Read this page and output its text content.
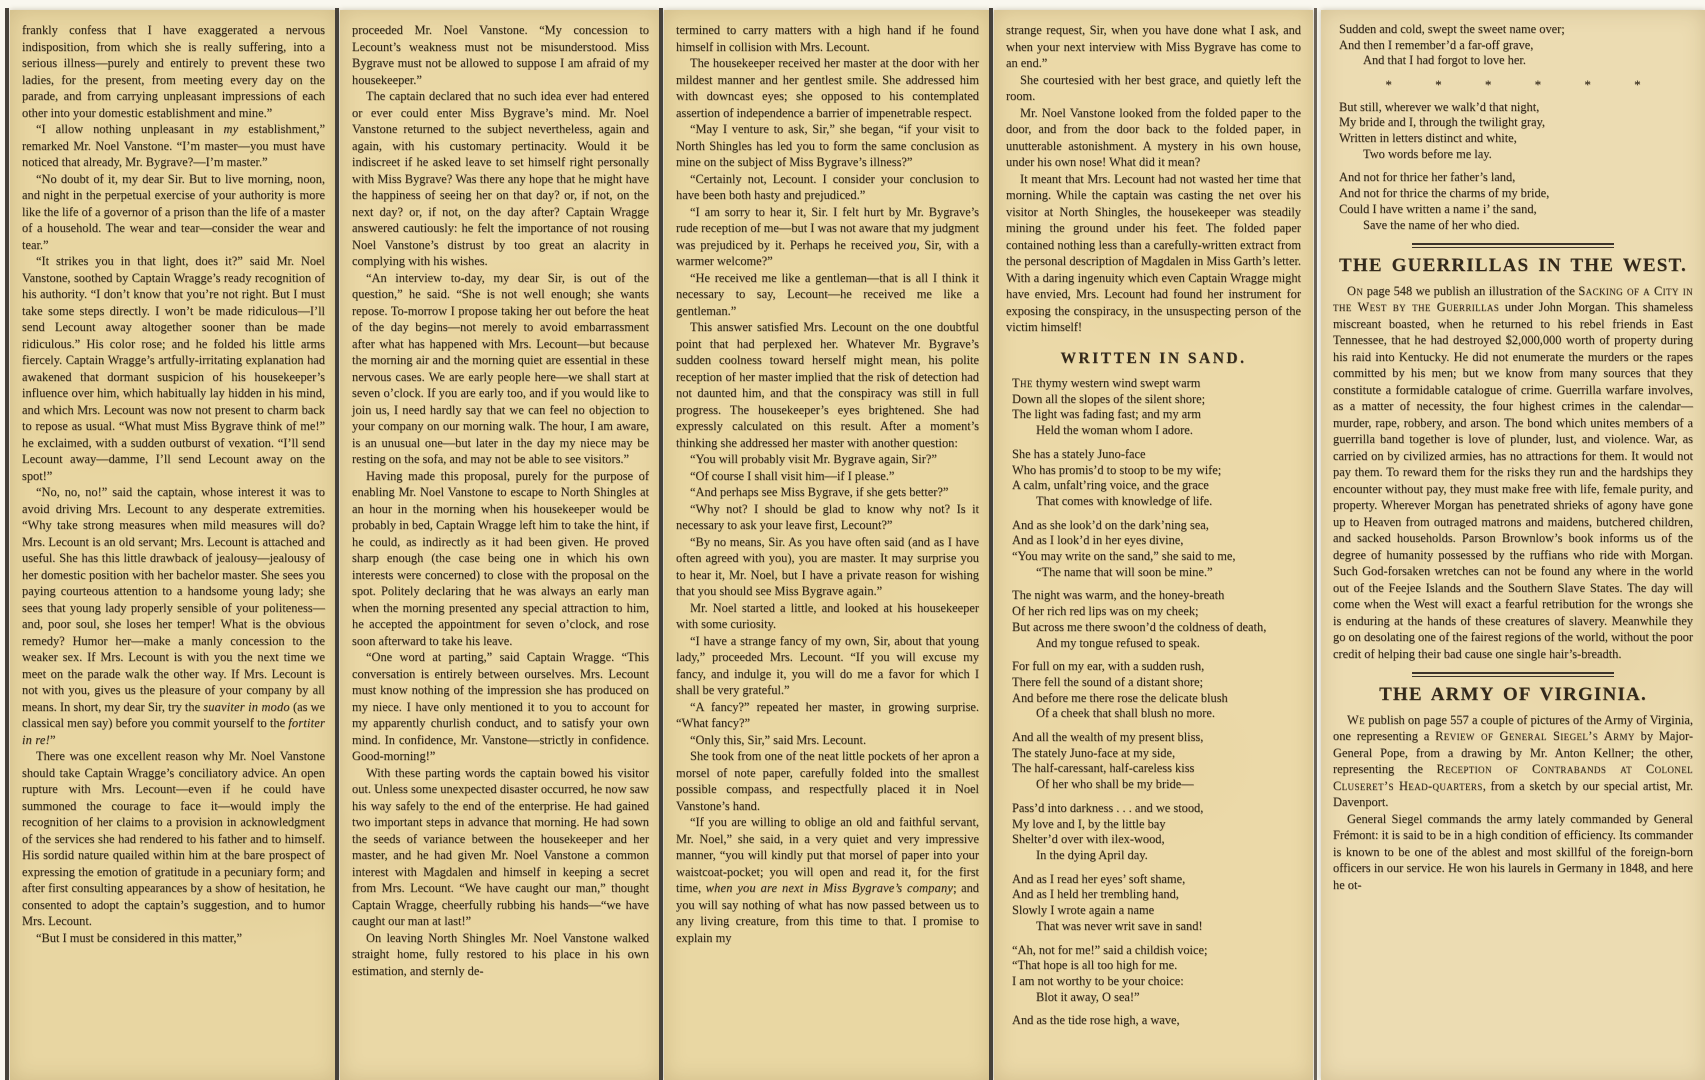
frankly confess that I have exaggerated a nervous indisposition, from which she is really suffering, into a serious illness—purely and entirely to prevent these two ladies, for the present, from meeting every day on the parade, and from carrying unpleasant impressions of each other into your domestic establishment and mine.”

“I allow nothing unpleasant in my establishment,” remarked Mr. Noel Vanstone. “I’m master—you must have noticed that already, Mr. Bygrave?—I’m master.”

“No doubt of it, my dear Sir. But to live morning, noon, and night in the perpetual exercise of your authority is more like the life of a governor of a prison than the life of a master of a household. The wear and tear—consider the wear and tear.”

“It strikes you in that light, does it?” said Mr. Noel Vanstone, soothed by Captain Wragge’s ready recognition of his authority. “I don’t know that you’re not right. But I must take some steps directly. I won’t be made ridiculous—I’ll send Lecount away altogether sooner than be made ridiculous.” His color rose; and he folded his little arms fiercely. Captain Wragge’s artfully-irritating explanation had awakened that dormant suspicion of his housekeeper’s influence over him, which habitually lay hidden in his mind, and which Mrs. Lecount was now not present to charm back to repose as usual. “What must Miss Bygrave think of me!” he exclaimed, with a sudden outburst of vexation. “I’ll send Lecount away—damme, I’ll send Lecount away on the spot!”

“No, no, no!” said the captain, whose interest it was to avoid driving Mrs. Lecount to any desperate extremities. “Why take strong measures when mild measures will do? Mrs. Lecount is an old servant; Mrs. Lecount is attached and useful. She has this little drawback of jealousy—jealousy of her domestic position with her bachelor master. She sees you paying courteous attention to a handsome young lady; she sees that young lady properly sensible of your politeness—and, poor soul, she loses her temper! What is the obvious remedy? Humor her—make a manly concession to the weaker sex. If Mrs. Lecount is with you the next time we meet on the parade walk the other way. If Mrs. Lecount is not with you, gives us the pleasure of your company by all means. In short, my dear Sir, try the suaviter in modo (as we classical men say) before you commit yourself to the fortiter in re!”

There was one excellent reason why Mr. Noel Vanstone should take Captain Wragge’s conciliatory advice. An open rupture with Mrs. Lecount—even if he could have summoned the courage to face it—would imply the recognition of her claims to a provision in acknowledgment of the services she had rendered to his father and to himself. His sordid nature quailed within him at the bare prospect of expressing the emotion of gratitude in a pecuniary form; and after first consulting appearances by a show of hesitation, he consented to adopt the captain’s suggestion, and to humor Mrs. Lecount.

“But I must be considered in this matter,”

proceeded Mr. Noel Vanstone. “My concession to Lecount’s weakness must not be misunderstood. Miss Bygrave must not be allowed to suppose I am afraid of my housekeeper.”

The captain declared that no such idea ever had entered or ever could enter Miss Bygrave’s mind. Mr. Noel Vanstone returned to the subject nevertheless, again and again, with his customary pertinacity. Would it be indiscreet if he asked leave to set himself right personally with Miss Bygrave? Was there any hope that he might have the happiness of seeing her on that day? or, if not, on the next day? or, if not, on the day after? Captain Wragge answered cautiously: he felt the importance of not rousing Noel Vanstone’s distrust by too great an alacrity in complying with his wishes.

“An interview to-day, my dear Sir, is out of the question,” he said. “She is not well enough; she wants repose. To-morrow I propose taking her out before the heat of the day begins—not merely to avoid embarrassment after what has happened with Mrs. Lecount—but because the morning air and the morning quiet are essential in these nervous cases. We are early people here—we shall start at seven o’clock. If you are early too, and if you would like to join us, I need hardly say that we can feel no objection to your company on our morning walk. The hour, I am aware, is an unusual one—but later in the day my niece may be resting on the sofa, and may not be able to see visitors.”

Having made this proposal, purely for the purpose of enabling Mr. Noel Vanstone to escape to North Shingles at an hour in the morning when his housekeeper would be probably in bed, Captain Wragge left him to take the hint, if he could, as indirectly as it had been given. He proved sharp enough (the case being one in which his own interests were concerned) to close with the proposal on the spot. Politely declaring that he was always an early man when the morning presented any special attraction to him, he accepted the appointment for seven o’clock, and rose soon afterward to take his leave.

“One word at parting,” said Captain Wragge. “This conversation is entirely between ourselves. Mrs. Lecount must know nothing of the impression she has produced on my niece. I have only mentioned it to you to account for my apparently churlish conduct, and to satisfy your own mind. In confidence, Mr. Vanstone—strictly in confidence. Good-morning!”

With these parting words the captain bowed his visitor out. Unless some unexpected disaster occurred, he now saw his way safely to the end of the enterprise. He had gained two important steps in advance that morning. He had sown the seeds of variance between the housekeeper and her master, and he had given Mr. Noel Vanstone a common interest with Magdalen and himself in keeping a secret from Mrs. Lecount. “We have caught our man,” thought Captain Wragge, cheerfully rubbing his hands—“we have caught our man at last!”

On leaving North Shingles Mr. Noel Vanstone walked straight home, fully restored to his place in his own estimation, and sternly de-

termined to carry matters with a high hand if he found himself in collision with Mrs. Lecount.

The housekeeper received her master at the door with her mildest manner and her gentlest smile. She addressed him with downcast eyes; she opposed to his contemplated assertion of independence a barrier of impenetrable respect.

“May I venture to ask, Sir,” she began, “if your visit to North Shingles has led you to form the same conclusion as mine on the subject of Miss Bygrave’s illness?”

“Certainly not, Lecount. I consider your conclusion to have been both hasty and prejudiced.”

“I am sorry to hear it, Sir. I felt hurt by Mr. Bygrave’s rude reception of me—but I was not aware that my judgment was prejudiced by it. Perhaps he received you, Sir, with a warmer welcome?”

“He received me like a gentleman—that is all I think it necessary to say, Lecount—he received me like a gentleman.”

This answer satisfied Mrs. Lecount on the one doubtful point that had perplexed her. Whatever Mr. Bygrave’s sudden coolness toward herself might mean, his polite reception of her master implied that the risk of detection had not daunted him, and that the conspiracy was still in full progress. The housekeeper’s eyes brightened. She had expressly calculated on this result. After a moment’s thinking she addressed her master with another question:

“You will probably visit Mr. Bygrave again, Sir?”

“Of course I shall visit him—if I please.”

“And perhaps see Miss Bygrave, if she gets better?”

“Why not? I should be glad to know why not? Is it necessary to ask your leave first, Lecount?”

“By no means, Sir. As you have often said (and as I have often agreed with you), you are master. It may surprise you to hear it, Mr. Noel, but I have a private reason for wishing that you should see Miss Bygrave again.”

Mr. Noel started a little, and looked at his housekeeper with some curiosity.

“I have a strange fancy of my own, Sir, about that young lady,” proceeded Mrs. Lecount. “If you will excuse my fancy, and indulge it, you will do me a favor for which I shall be very grateful.”

“A fancy?” repeated her master, in growing surprise. “What fancy?”

“Only this, Sir,” said Mrs. Lecount.

She took from one of the neat little pockets of her apron a morsel of note paper, carefully folded into the smallest possible compass, and respectfully placed it in Noel Vanstone’s hand.

“If you are willing to oblige an old and faithful servant, Mr. Noel,” she said, in a very quiet and very impressive manner, “you will kindly put that morsel of paper into your waistcoat-pocket; you will open and read it, for the first time, when you are next in Miss Bygrave’s company; and you will say nothing of what has now passed between us to any living creature, from this time to that. I promise to explain my

strange request, Sir, when you have done what I ask, and when your next interview with Miss Bygrave has come to an end.”

She courtesied with her best grace, and quietly left the room.

Mr. Noel Vanstone looked from the folded paper to the door, and from the door back to the folded paper, in unutterable astonishment. A mystery in his own house, under his own nose! What did it mean?

It meant that Mrs. Lecount had not wasted her time that morning. While the captain was casting the net over his visitor at North Shingles, the housekeeper was steadily mining the ground under his feet. The folded paper contained nothing less than a carefully-written extract from the personal description of Magdalen in Miss Garth’s letter. With a daring ingenuity which even Captain Wragge might have envied, Mrs. Lecount had found her instrument for exposing the conspiracy, in the unsuspecting person of the victim himself!

WRITTEN IN SAND.
The thymy western wind swept warm
Down all the slopes of the silent shore;
The light was fading fast; and my arm
Held the woman whom I adore.
She has a stately Juno-face
Who has promis’d to stoop to be my wife;
A calm, unfalt’ring voice, and the grace
That comes with knowledge of life.
And as she look’d on the dark’ning sea,
And as I look’d in her eyes divine,
“You may write on the sand,” she said to me,
“The name that will soon be mine.”
The night was warm, and the honey-breath
Of her rich red lips was on my cheek;
But across me there swoon’d the coldness of death,
And my tongue refused to speak.
For full on my ear, with a sudden rush,
There fell the sound of a distant shore;
And before me there rose the delicate blush
Of a cheek that shall blush no more.
And all the wealth of my present bliss,
The stately Juno-face at my side,
The half-caressant, half-careless kiss
Of her who shall be my bride—
Pass’d into darkness . . . and we stood,
My love and I, by the little bay
Shelter’d over with ilex-wood,
In the dying April day.
And as I read her eyes’ soft shame,
And as I held her trembling hand,
Slowly I wrote again a name
That was never writ save in sand!
“Ah, not for me!” said a childish voice;
“That hope is all too high for me.
I am not worthy to be your choice:
Blot it away, O sea!”
And as the tide rose high, a wave,
Sudden and cold, swept the sweet name over;
And then I remember’d a far-off grave,
And that I had forgot to love her.
* * * * * *
But still, wherever we walk’d that night,
My bride and I, through the twilight gray,
Written in letters distinct and white,
Two words before me lay.
And not for thrice her father’s land,
And not for thrice the charms of my bride,
Could I have written a name i’ the sand,
Save the name of her who died.
THE GUERRILLAS IN THE WEST.

On page 548 we publish an illustration of the Sacking of a City in the West by the Guerrillas under John Morgan. This shameless miscreant boasted, when he returned to his rebel friends in East Tennessee, that he had destroyed $2,000,000 worth of property during his raid into Kentucky. He did not enumerate the murders or the rapes committed by his men; but we know from many sources that they constitute a formidable catalogue of crime. Guerrilla warfare involves, as a matter of necessity, the four highest crimes in the calendar—murder, rape, robbery, and arson. The bond which unites members of a guerrilla band together is love of plunder, lust, and violence. War, as carried on by civilized armies, has no attractions for them. It would not pay them. To reward them for the risks they run and the hardships they encounter without pay, they must make free with life, female purity, and property. Wherever Morgan has penetrated shrieks of agony have gone up to Heaven from outraged matrons and maidens, butchered children, and sacked households. Parson Brownlow’s book informs us of the degree of humanity possessed by the ruffians who ride with Morgan. Such God-forsaken wretches can not be found any where in the world out of the Feejee Islands and the Southern Slave States. The day will come when the West will exact a fearful retribution for the wrongs she is enduring at the hands of these creatures of slavery. Meanwhile they go on desolating one of the fairest regions of the world, without the poor credit of helping their bad cause one single hair’s-breadth.

THE ARMY OF VIRGINIA.

We publish on page 557 a couple of pictures of the Army of Virginia, one representing a Review of General Siegel’s Army by Major-General Pope, from a drawing by Mr. Anton Kellner; the other, representing the Reception of Contrabands at Colonel Cluseret’s Head-quarters, from a sketch by our special artist, Mr. Davenport.

General Siegel commands the army lately commanded by General Frémont: it is said to be in a high condition of efficiency. Its commander is known to be one of the ablest and most skillful of the foreign-born officers in our service. He won his laurels in Germany in 1848, and here he ot-
